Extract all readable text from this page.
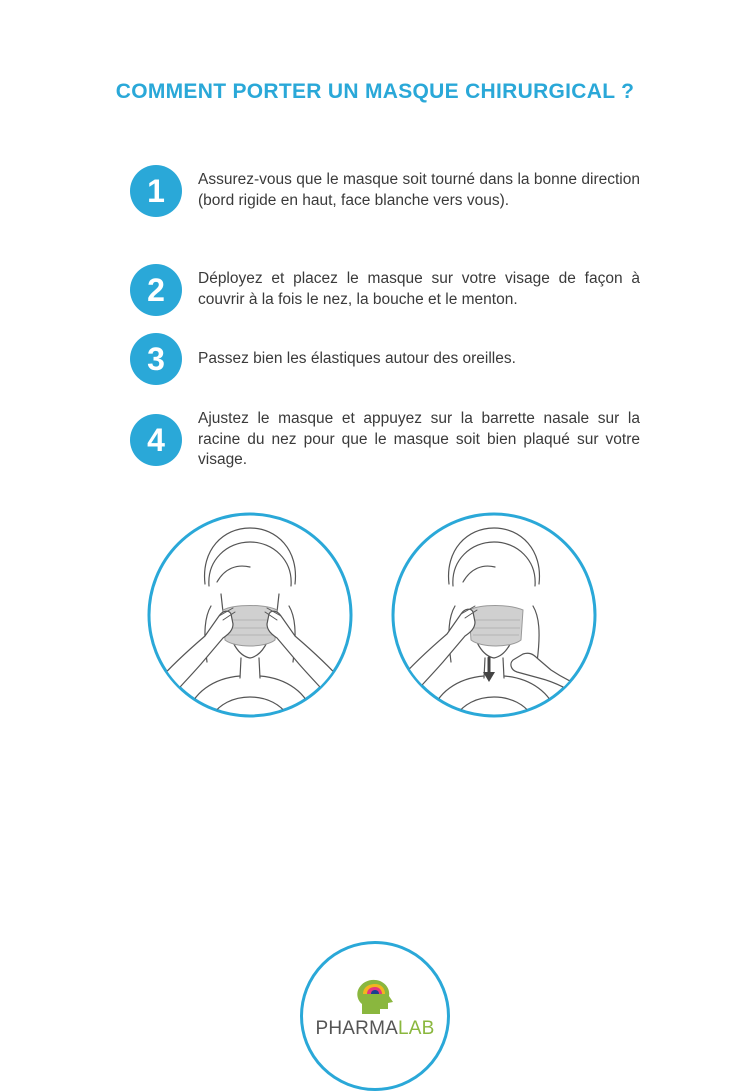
COMMENT PORTER UN MASQUE CHIRURGICAL ?
1	Assurez-vous que le masque soit tourné dans la bonne direction (bord rigide en haut, face blanche vers vous).
2	Déployez et placez le masque sur votre visage de façon à couvrir à la fois le nez, la bouche et le menton.
3	Passez bien les élastiques autour des oreilles.
4
Ajustez le masque et appuyez sur la barrette nasale sur la racine du nez pour que le masque soit bien plaqué sur votre visage.
PHARMALAB
